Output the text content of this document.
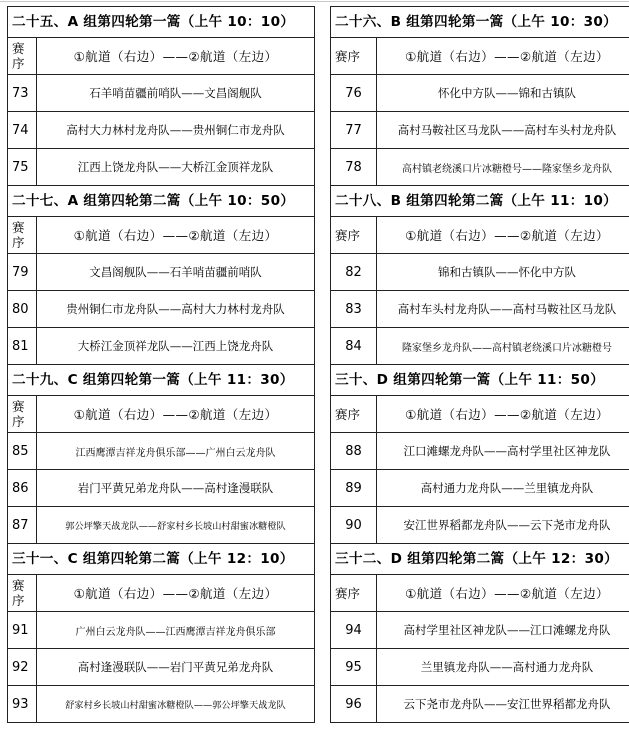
二十五、A 组第四轮第一篙（上午 10：10）
赛序	①航道（右边）——②航道（左边）
73	石羊哨苗疆前哨队——文昌阁舰队
74	高村大力林村龙舟队——贵州铜仁市龙舟队
75	江西上饶龙舟队——大桥江金顶祥龙队
二十七、A 组第四轮第二篙（上午 10：50）
赛序	①航道（右边）——②航道（左边）
79	文昌阁舰队——石羊哨苗疆前哨队
80	贵州铜仁市龙舟队——高村大力林村龙舟队
81	大桥江金顶祥龙队——江西上饶龙舟队
二十九、C 组第四轮第一篙（上午 11：30）
赛序	①航道（右边）——②航道（左边）
85	江西鹰潭吉祥龙舟俱乐部——广州白云龙舟队
86	岩门平黄兄弟龙舟队——高村逢漫联队
87	郭公坪擎天战龙队——舒家村乡长坡山村甜蜜冰糖橙队
三十一、C 组第四轮第二篙（上午 12：10）
赛序	①航道（右边）——②航道（左边）
91	广州白云龙舟队——江西鹰潭吉祥龙舟俱乐部
92	高村逢漫联队——岩门平黄兄弟龙舟队
93	舒家村乡长坡山村甜蜜冰糖橙队——郭公坪擎天战龙队
二十六、B 组第四轮第一篙（上午 10：30）
赛序	①航道（右边）——②航道（左边）
76	怀化中方队——锦和古镇队
77	高村马鞍社区马龙队——高村车头村龙舟队
78	高村镇老绕溪口片冰糖橙号——隆家堡乡龙舟队
二十八、B 组第四轮第二篙（上午 11：10）
赛序	①航道（右边）——②航道（左边）
82	锦和古镇队——怀化中方队
83	高村车头村龙舟队——高村马鞍社区马龙队
84	隆家堡乡龙舟队——高村镇老绕溪口片冰糖橙号
三十、D 组第四轮第一篙（上午 11：50）
赛序	①航道（右边）——②航道（左边）
88	江口滩螺龙舟队——高村学里社区神龙队
89	高村通力龙舟队——兰里镇龙舟队
90	安江世界稻都龙舟队——云下尧市龙舟队
三十二、D 组第四轮第二篙（上午 12：30）
赛序	①航道（右边）——②航道（左边）
94	高村学里社区神龙队——江口滩螺龙舟队
95	兰里镇龙舟队——高村通力龙舟队
96	云下尧市龙舟队——安江世界稻都龙舟队
